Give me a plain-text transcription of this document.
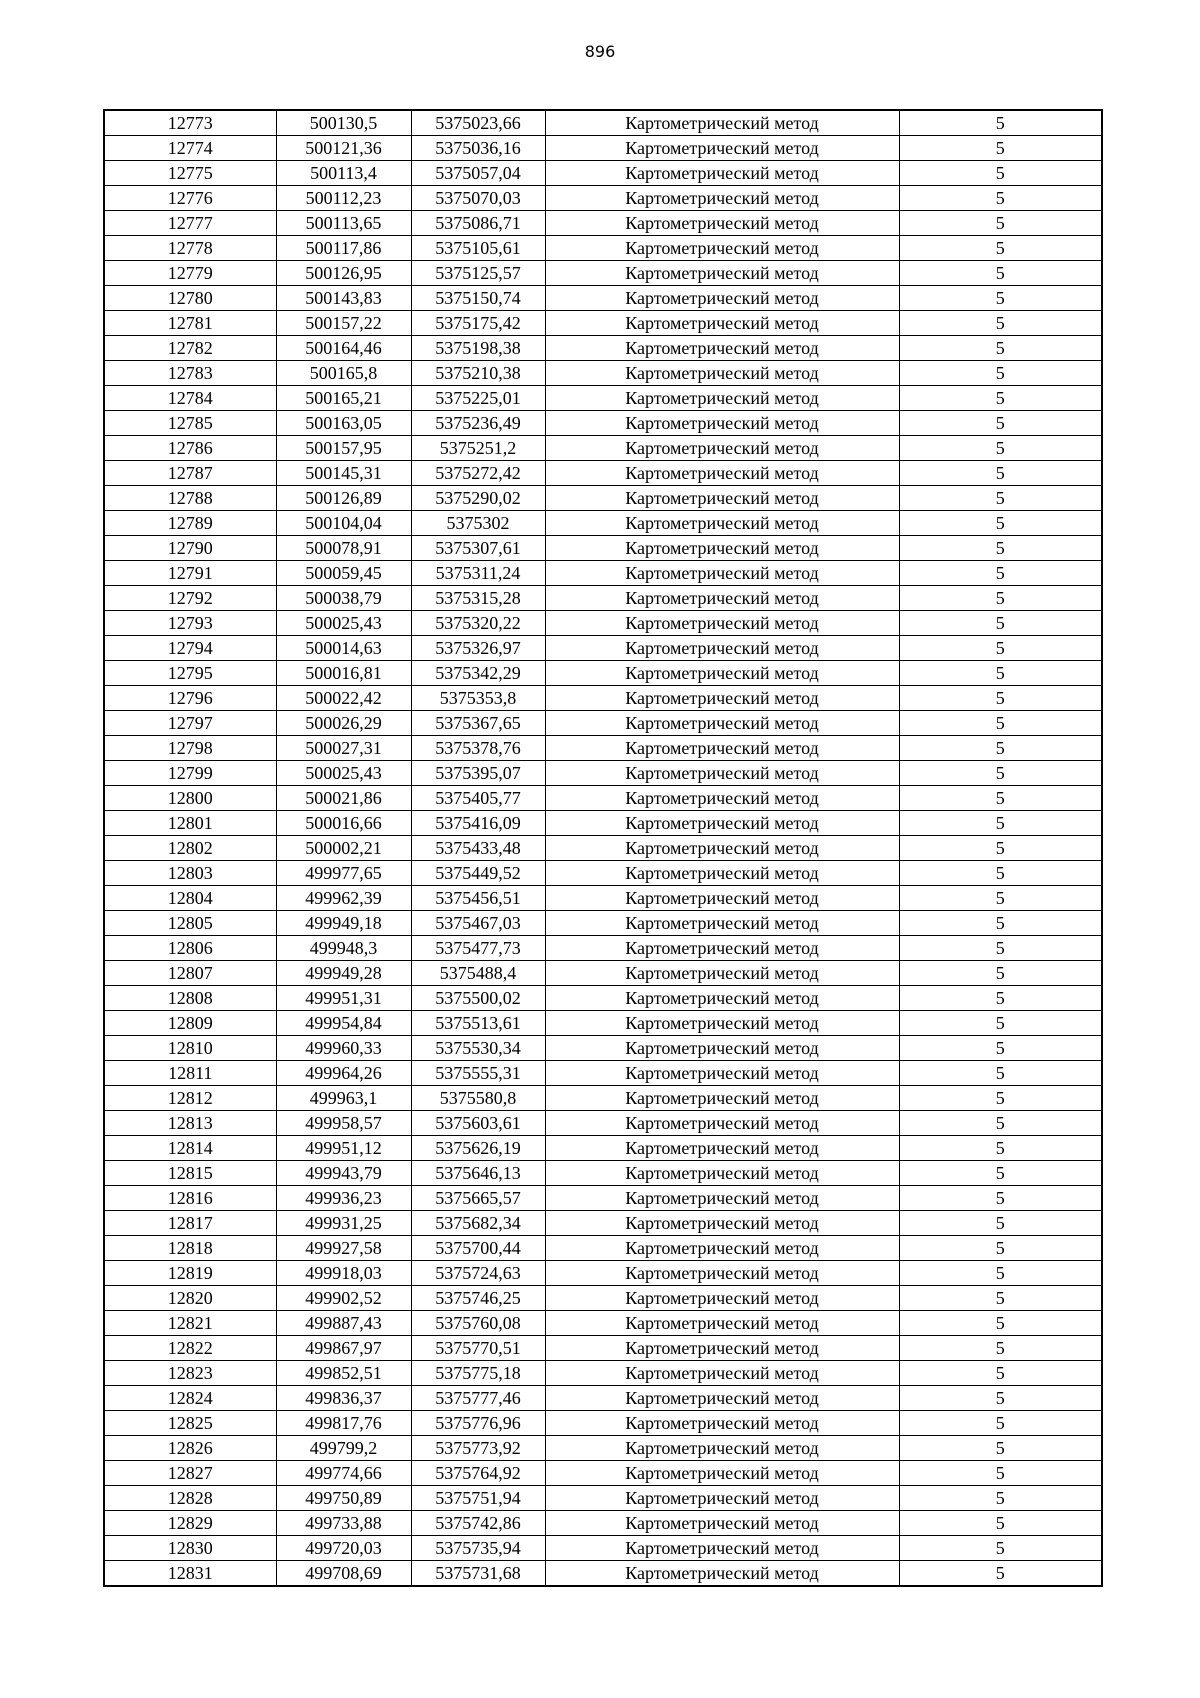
896
12773	500130,5	5375023,66	Картометрический метод	5
12774	500121,36	5375036,16	Картометрический метод	5
12775	500113,4	5375057,04	Картометрический метод	5
12776	500112,23	5375070,03	Картометрический метод	5
12777	500113,65	5375086,71	Картометрический метод	5
12778	500117,86	5375105,61	Картометрический метод	5
12779	500126,95	5375125,57	Картометрический метод	5
12780	500143,83	5375150,74	Картометрический метод	5
12781	500157,22	5375175,42	Картометрический метод	5
12782	500164,46	5375198,38	Картометрический метод	5
12783	500165,8	5375210,38	Картометрический метод	5
12784	500165,21	5375225,01	Картометрический метод	5
12785	500163,05	5375236,49	Картометрический метод	5
12786	500157,95	5375251,2	Картометрический метод	5
12787	500145,31	5375272,42	Картометрический метод	5
12788	500126,89	5375290,02	Картометрический метод	5
12789	500104,04	5375302	Картометрический метод	5
12790	500078,91	5375307,61	Картометрический метод	5
12791	500059,45	5375311,24	Картометрический метод	5
12792	500038,79	5375315,28	Картометрический метод	5
12793	500025,43	5375320,22	Картометрический метод	5
12794	500014,63	5375326,97	Картометрический метод	5
12795	500016,81	5375342,29	Картометрический метод	5
12796	500022,42	5375353,8	Картометрический метод	5
12797	500026,29	5375367,65	Картометрический метод	5
12798	500027,31	5375378,76	Картометрический метод	5
12799	500025,43	5375395,07	Картометрический метод	5
12800	500021,86	5375405,77	Картометрический метод	5
12801	500016,66	5375416,09	Картометрический метод	5
12802	500002,21	5375433,48	Картометрический метод	5
12803	499977,65	5375449,52	Картометрический метод	5
12804	499962,39	5375456,51	Картометрический метод	5
12805	499949,18	5375467,03	Картометрический метод	5
12806	499948,3	5375477,73	Картометрический метод	5
12807	499949,28	5375488,4	Картометрический метод	5
12808	499951,31	5375500,02	Картометрический метод	5
12809	499954,84	5375513,61	Картометрический метод	5
12810	499960,33	5375530,34	Картометрический метод	5
12811	499964,26	5375555,31	Картометрический метод	5
12812	499963,1	5375580,8	Картометрический метод	5
12813	499958,57	5375603,61	Картометрический метод	5
12814	499951,12	5375626,19	Картометрический метод	5
12815	499943,79	5375646,13	Картометрический метод	5
12816	499936,23	5375665,57	Картометрический метод	5
12817	499931,25	5375682,34	Картометрический метод	5
12818	499927,58	5375700,44	Картометрический метод	5
12819	499918,03	5375724,63	Картометрический метод	5
12820	499902,52	5375746,25	Картометрический метод	5
12821	499887,43	5375760,08	Картометрический метод	5
12822	499867,97	5375770,51	Картометрический метод	5
12823	499852,51	5375775,18	Картометрический метод	5
12824	499836,37	5375777,46	Картометрический метод	5
12825	499817,76	5375776,96	Картометрический метод	5
12826	499799,2	5375773,92	Картометрический метод	5
12827	499774,66	5375764,92	Картометрический метод	5
12828	499750,89	5375751,94	Картометрический метод	5
12829	499733,88	5375742,86	Картометрический метод	5
12830	499720,03	5375735,94	Картометрический метод	5
12831	499708,69	5375731,68	Картометрический метод	5
